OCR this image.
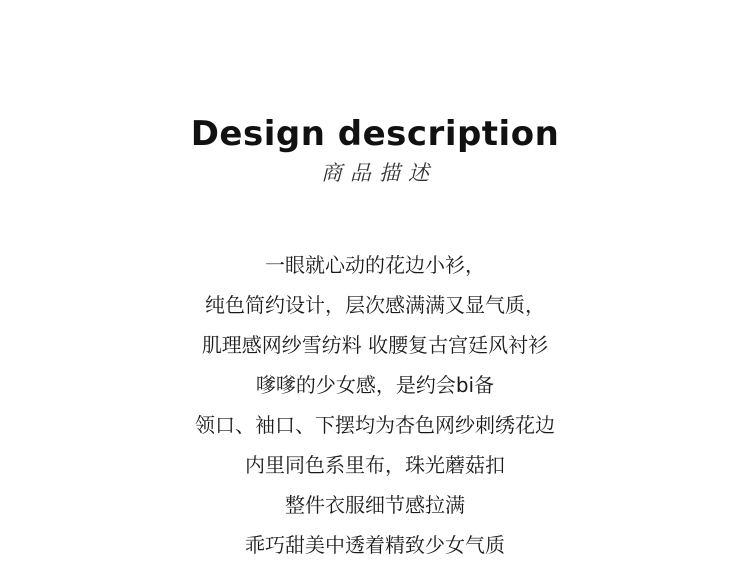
Design description
商品描述
一眼就心动的花边小衫，
纯色简约设计，层次感满满又显气质，
肌理感网纱雪纺料 收腰复古宫廷风衬衫
嗲嗲的少女感，是约会bi备
领口、袖口、下摆均为杏色网纱刺绣花边
内里同色系里布，珠光蘑菇扣
整件衣服细节感拉满
乖巧甜美中透着精致少女气质
